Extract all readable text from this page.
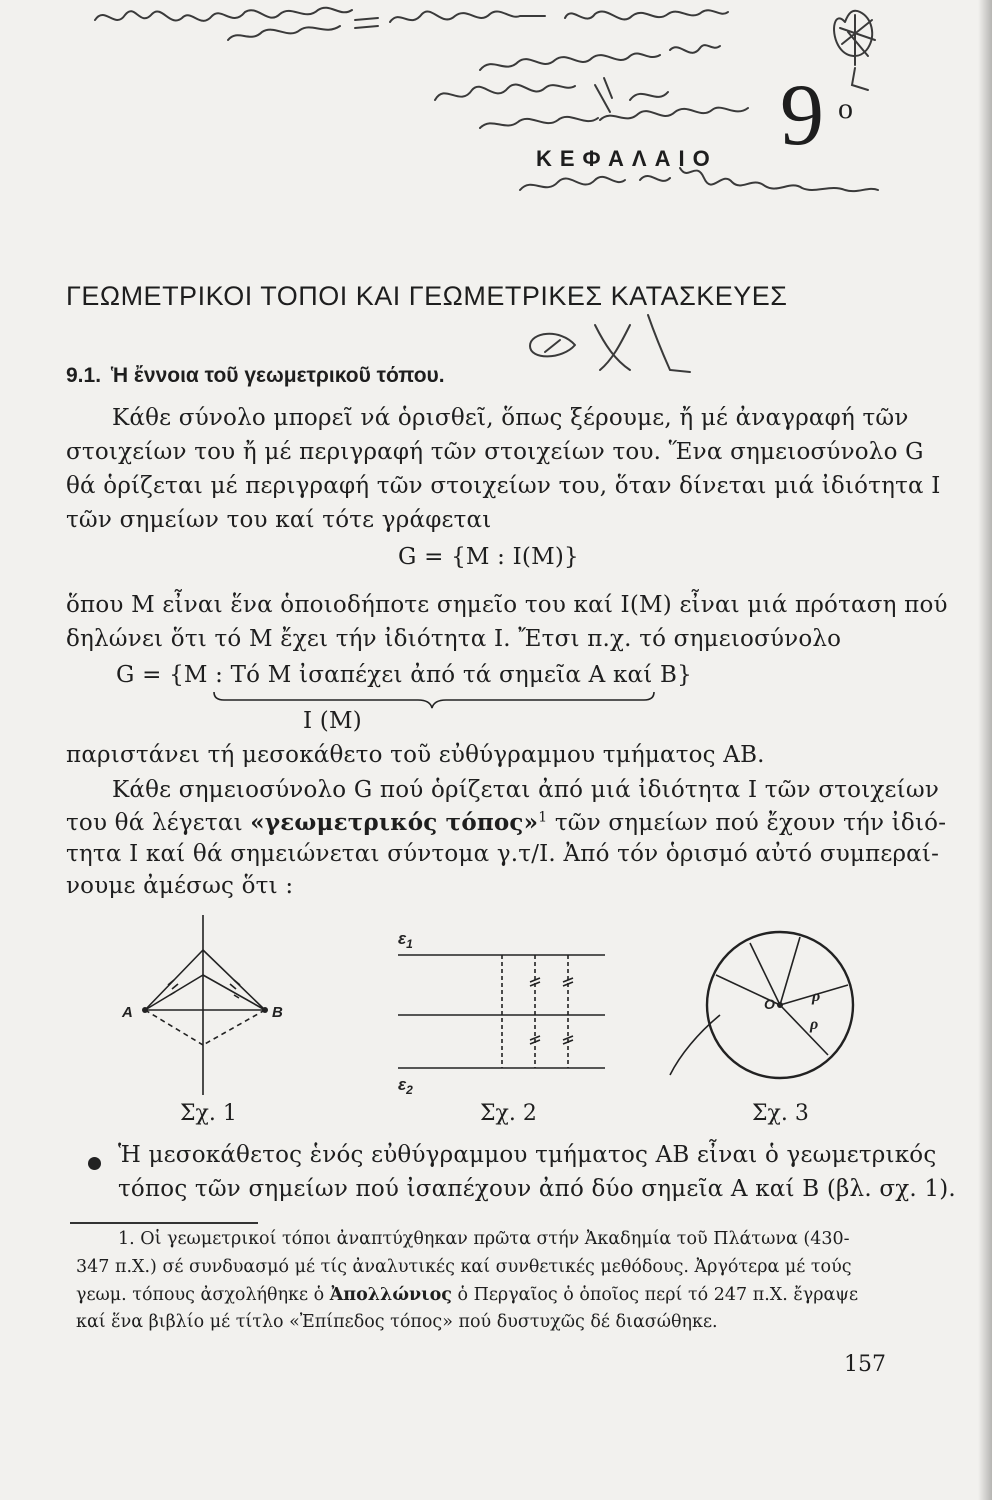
ΚΕΦΑΛΑΙΟ 9 ο
ΓΕΩΜΕΤΡΙΚΟΙ ΤΟΠΟΙ ΚΑΙ ΓΕΩΜΕΤΡΙΚΕΣ ΚΑΤΑΣΚΕΥΕΣ
9.1. Ἡ ἔννοια τοῦ γεωμετρικοῦ τόπου.
Κάθε σύνολο μπορεῖ νά ὁρισθεῖ, ὅπως ξέρουμε, ἤ μέ ἀναγραφή τῶν
στοιχείων του ἤ μέ περιγραφή τῶν στοιχείων του. Ἕνα σημειοσύνολο G
θά ὁρίζεται μέ περιγραφή τῶν στοιχείων του, ὅταν δίνεται μιά ἰδιότητα I
τῶν σημείων του καί τότε γράφεται
G = {M : I(M)}
ὅπου M εἶναι ἕνα ὁποιοδήποτε σημεῖο του καί I(M) εἶναι μιά πρόταση πού
δηλώνει ὅτι τό M ἔχει τήν ἰδιότητα I. Ἔτσι π.χ. τό σημειοσύνολο
G = {M : Τό M ἰσαπέχει ἀπό τά σημεῖα A καί B}
I (M)
παριστάνει τή μεσοκάθετο τοῦ εὐθύγραμμου τμήματος AB.
Κάθε σημειοσύνολο G πού ὁρίζεται ἀπό μιά ἰδιότητα I τῶν στοιχείων
του θά λέγεται «γεωμετρικός τόπος»$^1$ τῶν σημείων πού ἔχουν τήν ἰδιό-
τητα I καί θά σημειώνεται σύντομα γ.τ/I. Ἀπό τόν ὁρισμό αὐτό συμπεραί-
νουμε ἀμέσως ὅτι :
A	B
Σχ. 1
$\varepsilon_1$
$\varepsilon_2$
Σχ. 2
O ρ
ρ
Σχ. 3
Ἡ μεσοκάθετος ἑνός εὐθύγραμμου τμήματος AB εἶναι ὁ γεωμετρικός
τόπος τῶν σημείων πού ἰσαπέχουν ἀπό δύο σημεῖα A καί B (βλ. σχ. 1).
1. Οἱ γεωμετρικοί τόποι ἀναπτύχθηκαν πρῶτα στήν Ἀκαδημία τοῦ Πλάτωνα (430-
347 π.Χ.) σέ συνδυασμό μέ τίς ἀναλυτικές καί συνθετικές μεθόδους. Ἀργότερα μέ τούς
γεωμ. τόπους ἀσχολήθηκε ὁ Ἀπολλώνιος ὁ Περγαῖος ὁ ὁποῖος περί τό 247 π.Χ. ἔγραψε
καί ἕνα βιβλίο μέ τίτλο «Ἐπίπεδος τόπος» πού δυστυχῶς δέ διασώθηκε.
157
